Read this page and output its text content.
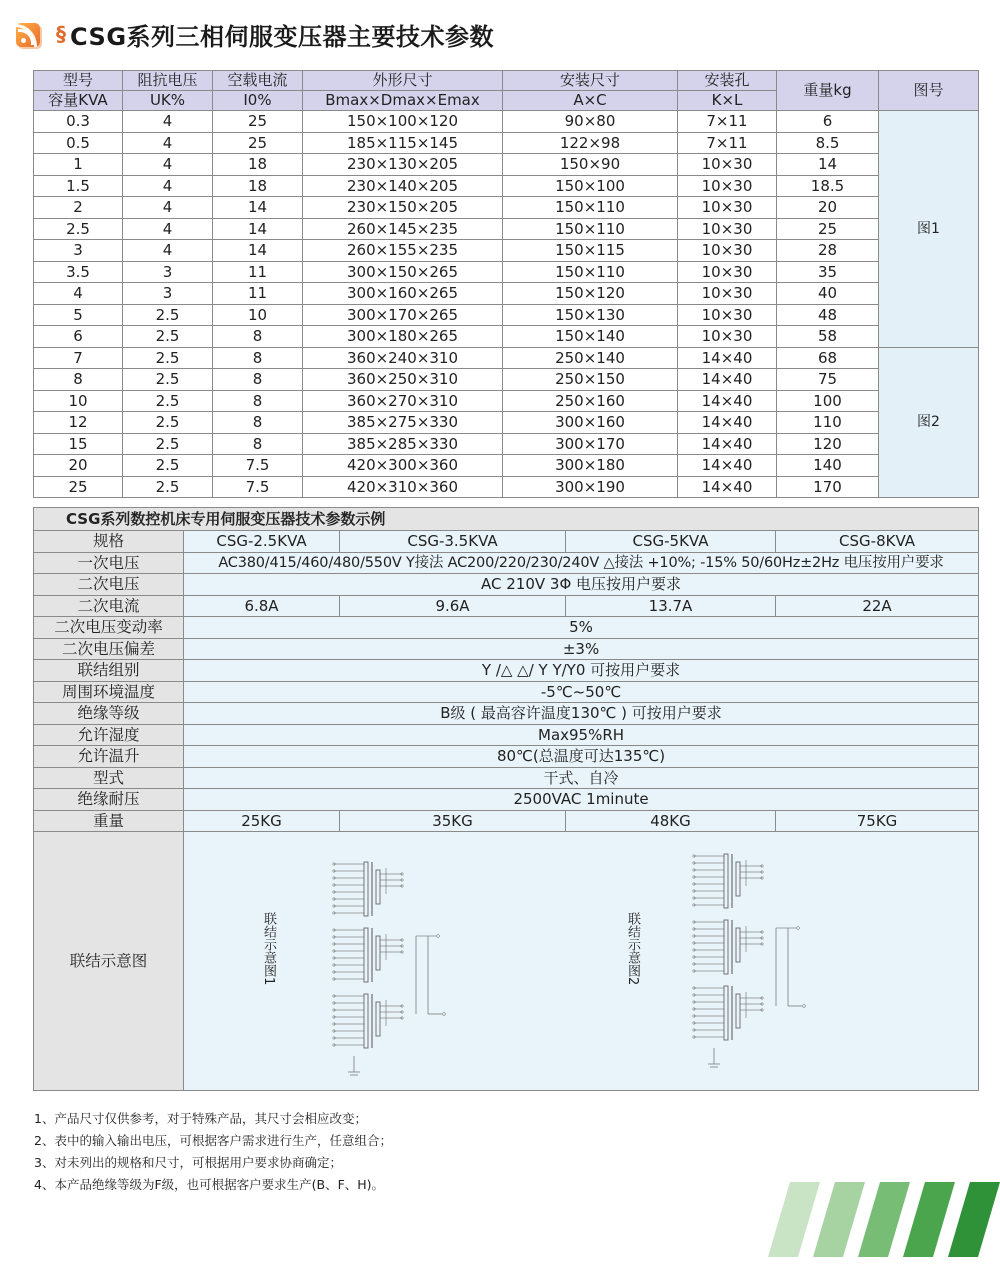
§ CSG系列三相伺服变压器主要技术参数
型号	阻抗电压	空载电流	外形尺寸	安装尺寸	安装孔	重量kg	图号
容量KVA	UK%	I0%	Bmax×Dmax×Emax	A×C	K×L		
0.3	4	25	150×100×120	90×80	7×11	6	图1
0.5	4	25	185×115×145	122×98	7×11	8.5	
1	4	18	230×130×205	150×90	10×30	14	
1.5	4	18	230×140×205	150×100	10×30	18.5	
2	4	14	230×150×205	150×110	10×30	20	
2.5	4	14	260×145×235	150×110	10×30	25	
3	4	14	260×155×235	150×115	10×30	28	
3.5	3	11	300×150×265	150×110	10×30	35	
4	3	11	300×160×265	150×120	10×30	40	
5	2.5	10	300×170×265	150×130	10×30	48	
6	2.5	8	300×180×265	150×140	10×30	58	
7	2.5	8	360×240×310	250×140	14×40	68	图2
8	2.5	8	360×250×310	250×150	14×40	75	
10	2.5	8	360×270×310	250×160	14×40	100	
12	2.5	8	385×275×330	300×160	14×40	110	
15	2.5	8	385×285×330	300×170	14×40	120	
20	2.5	7.5	420×300×360	300×180	14×40	140	
25	2.5	7.5	420×310×360	300×190	14×40	170	
CSG系列数控机床专用伺服变压器技术参数示例				
规格	CSG-2.5KVA	CSG-3.5KVA	CSG-5KVA	CSG-8KVA
一次电压	AC380/415/460/480/550V Y接法 AC200/220/230/240V △接法 +10%; -15% 50/60Hz±2Hz 电压按用户要求			
二次电压	AC 210V 3Φ 电压按用户要求			
二次电流	6.8A	9.6A	13.7A	22A
二次电压变动率	5%			
二次电压偏差	±3%			
联结组别	Y /△ △/ Y Y/Y0 可按用户要求			
周围环境温度	-5℃~50℃			
绝缘等级	B级 ( 最高容许温度130℃ ) 可按用户要求			
允许湿度	Max95%RH			
允许温升	80℃(总温度可达135℃)			
型式	干式、自冷			
绝缘耐压	2500VAC 1minute			
重量	25KG	35KG	48KG	75KG
联结示意图	联结示意图1 联结示意图2			
1、产品尺寸仅供参考，对于特殊产品，其尺寸会相应改变；
2、表中的输入输出电压，可根据客户需求进行生产，任意组合；
3、对未列出的规格和尺寸，可根据用户要求协商确定；
4、本产品绝缘等级为F级，也可根据客户要求生产(B、F、H)。
